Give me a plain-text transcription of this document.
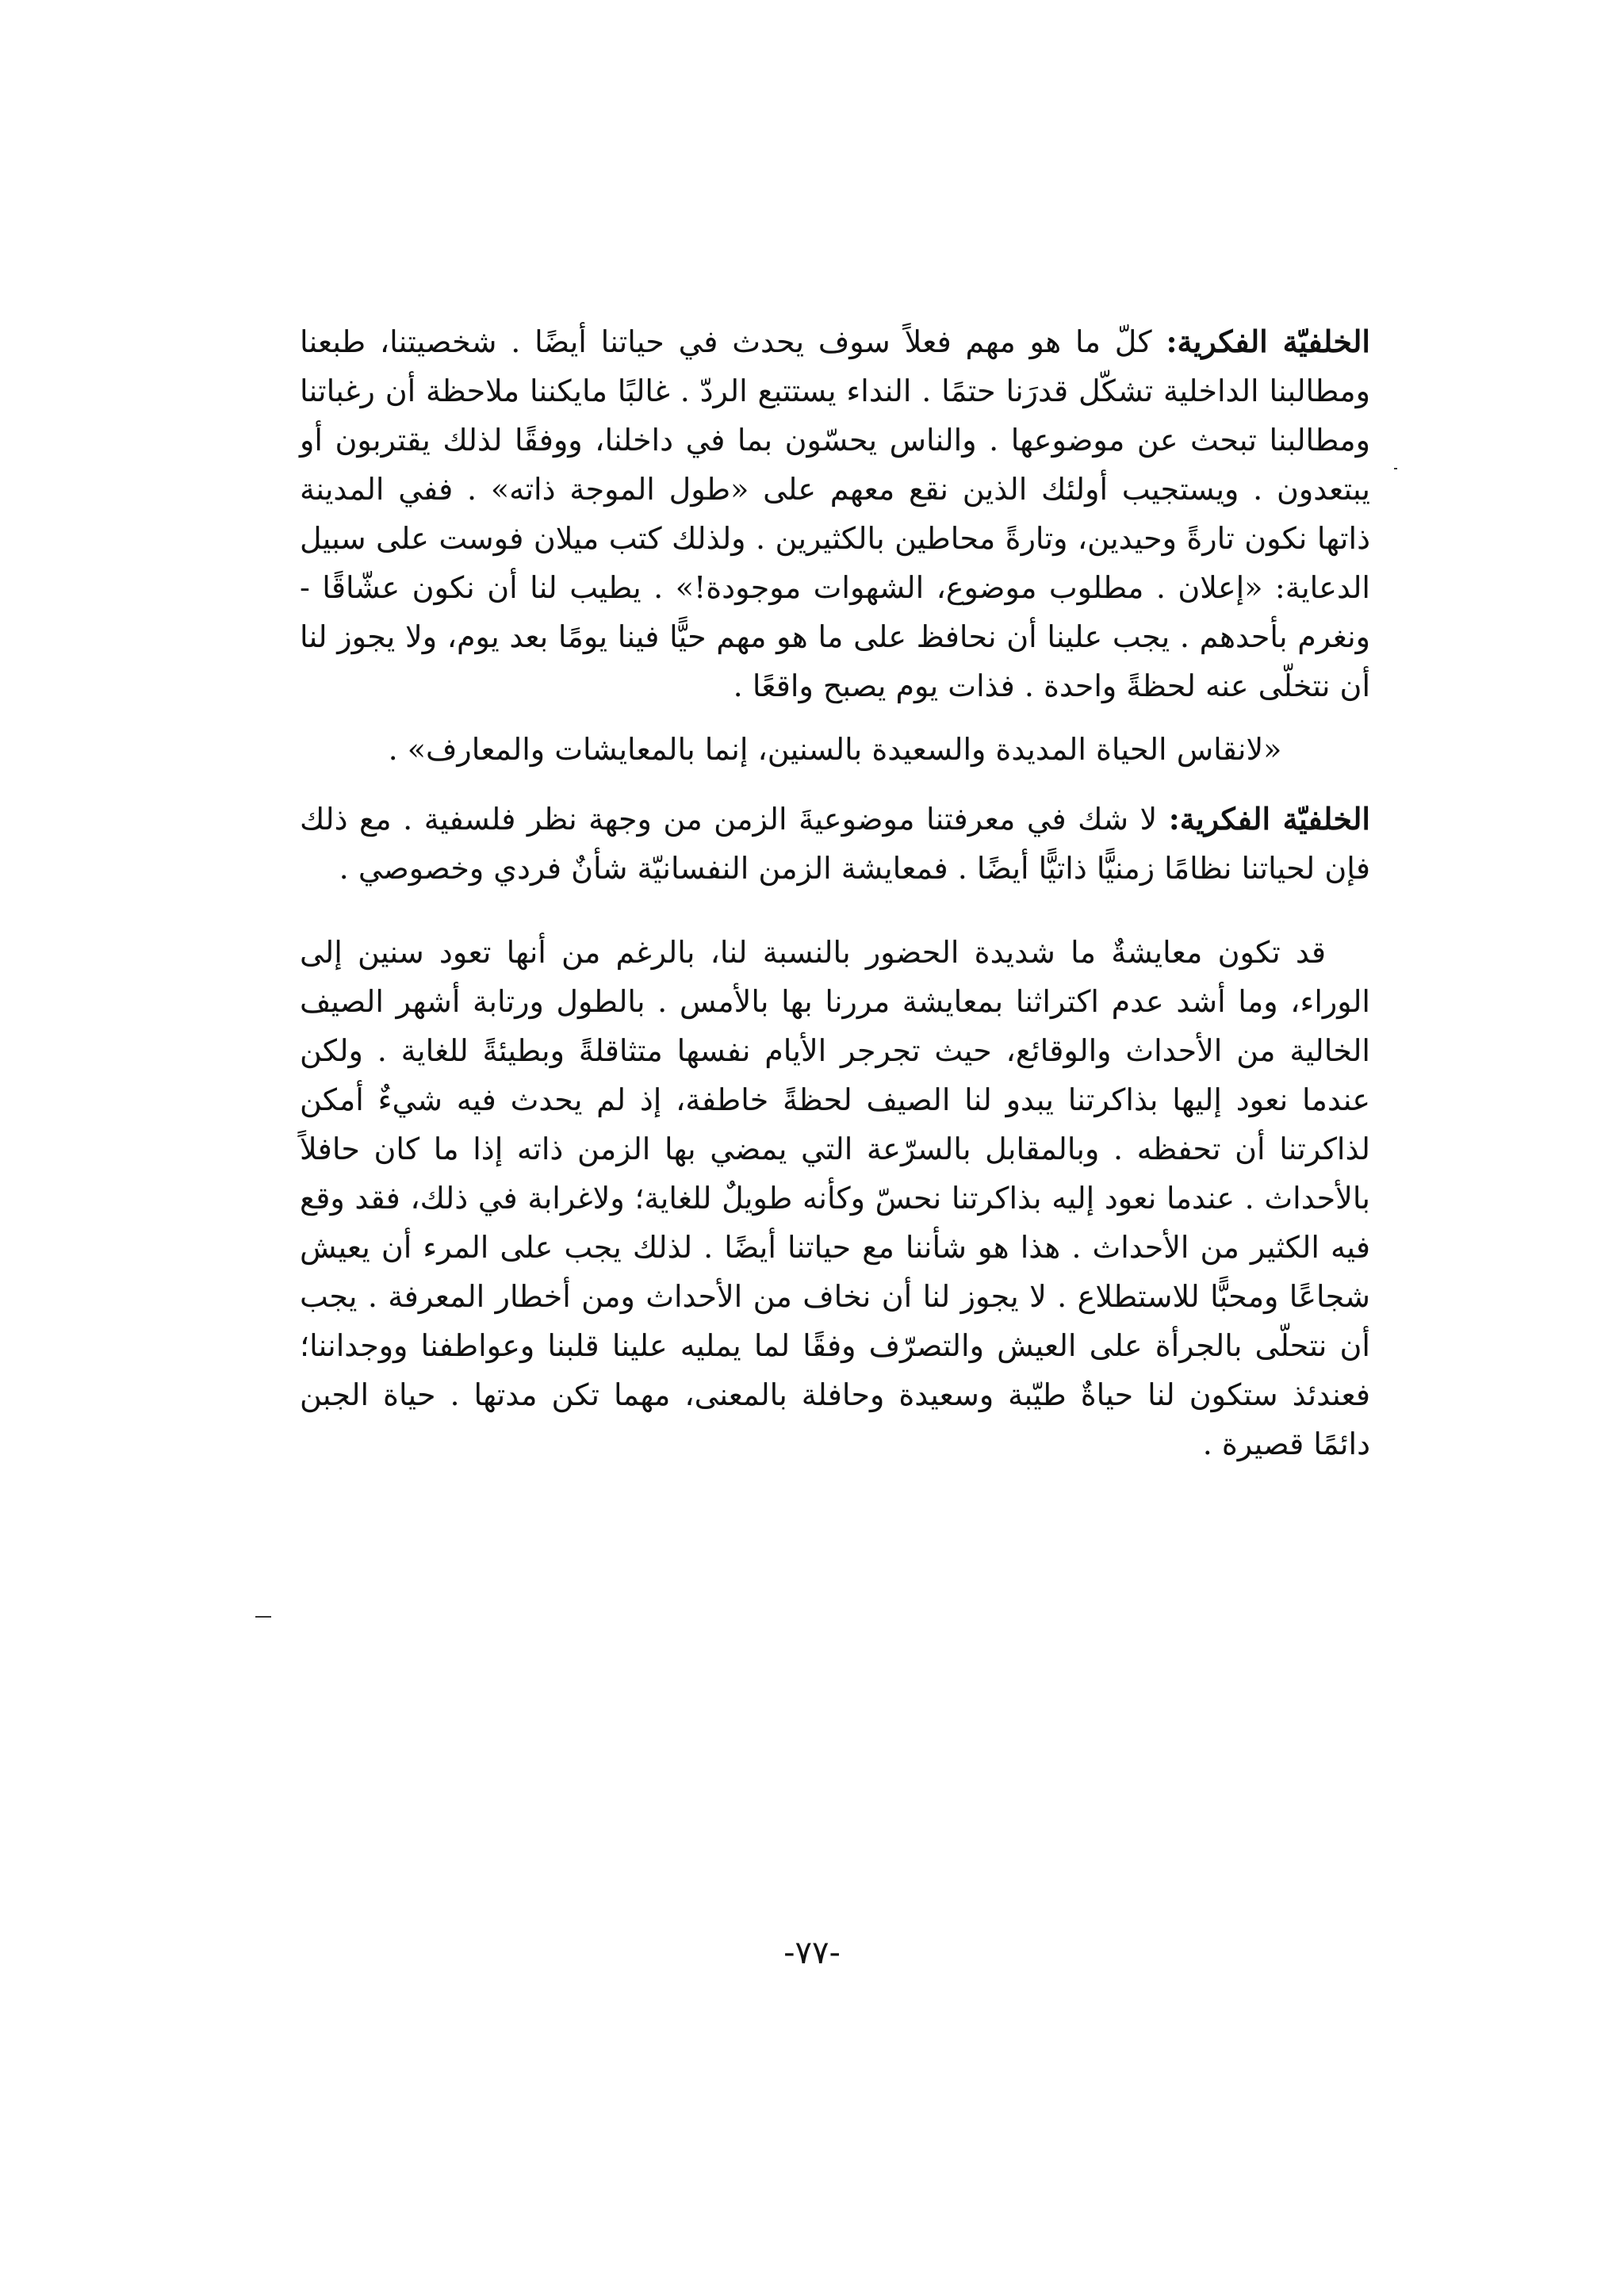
الخلفيّة الفكرية: كلّ ما هو مهم فعلاً سوف يحدث في حياتنا أيضًا . شخصيتنا، طبعنا ومطالبنا الداخلية تشكّل قدرَنا حتمًا . النداء يستتبع الردّ . غالبًا مايكننا ملاحظة أن رغباتنا ومطالبنا تبحث عن موضوعها . والناس يحسّون بما في داخلنا، ووفقًا لذلك يقتربون أو يبتعدون . ويستجيب أولئك الذين نقع معهم على «طول الموجة ذاته» . ففي المدينة ذاتها نكون تارةً وحيدين، وتارةً محاطين بالكثيرين . ولذلك كتب ميلان فوست على سبيل الدعاية: «إعلان . مطلوب موضوع، الشهوات موجودة!» . يطيب لنا أن نكون عشّاقًا - ونغرم بأحدهم . يجب علينا أن نحافظ على ما هو مهم حيًّا فينا يومًا بعد يوم، ولا يجوز لنا أن نتخلّى عنه لحظةً واحدة . فذات يوم يصبح واقعًا .

«لانقاس الحياة المديدة والسعيدة بالسنين، إنما بالمعايشات والمعارف» .

الخلفيّة الفكرية: لا شك في معرفتنا موضوعيةَ الزمن من وجهة نظر فلسفية . مع ذلك فإن لحياتنا نظامًا زمنيًّا ذاتيًّا أيضًا . فمعايشة الزمن النفسانيّة شأنٌ فردي وخصوصي .

قد تكون معايشةٌ ما شديدة الحضور بالنسبة لنا، بالرغم من أنها تعود سنين إلى الوراء، وما أشد عدم اكتراثنا بمعايشة مررنا بها بالأمس . بالطول ورتابة أشهر الصيف الخالية من الأحداث والوقائع، حيث تجرجر الأيام نفسها متثاقلةً وبطيئةً للغاية . ولكن عندما نعود إليها بذاكرتنا يبدو لنا الصيف لحظةً خاطفة، إذ لم يحدث فيه شيءٌ أمكن لذاكرتنا أن تحفظه . وبالمقابل بالسرّعة التي يمضي بها الزمن ذاته إذا ما كان حافلاً بالأحداث . عندما نعود إليه بذاكرتنا نحسّ وكأنه طويلٌ للغاية؛ ولاغرابة في ذلك، فقد وقع فيه الكثير من الأحداث . هذا هو شأننا مع حياتنا أيضًا . لذلك يجب على المرء أن يعيش شجاعًا ومحبًّا للاستطلاع . لا يجوز لنا أن نخاف من الأحداث ومن أخطار المعرفة . يجب أن نتحلّى بالجرأة على العيش والتصرّف وفقًا لما يمليه علينا قلبنا وعواطفنا ووجداننا؛ فعندئذ ستكون لنا حياةٌ طيّبة وسعيدة وحافلة بالمعنى، مهما تكن مدتها . حياة الجبن دائمًا قصيرة .

-٧٧-
